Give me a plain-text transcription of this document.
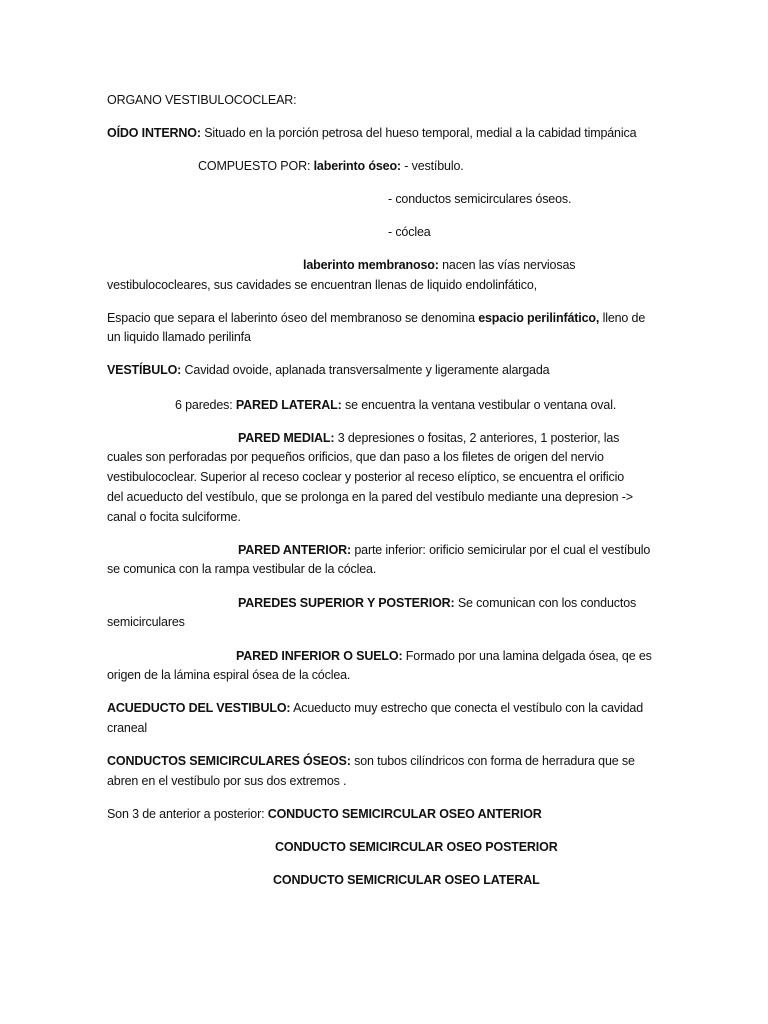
ORGANO VESTIBULOCOCLEAR:
OÍDO INTERNO: Situado en la porción petrosa del hueso temporal, medial a la cabidad timpánica
COMPUESTO POR: laberinto óseo: - vestíbulo.
- conductos semicirculares óseos.
- cóclea
laberinto membranoso: nacen las vías nerviosas
vestibulococleares, sus cavidades se encuentran llenas de liquido endolinfático,
Espacio que separa el laberinto óseo del membranoso se denomina espacio perilinfático, lleno de
un liquido llamado perilinfa
VESTÍBULO: Cavidad ovoide, aplanada transversalmente y ligeramente alargada
6 paredes: PARED LATERAL: se encuentra la ventana vestibular o ventana oval.
PARED MEDIAL: 3 depresiones o fositas, 2 anteriores, 1 posterior, las
cuales son perforadas por pequeños orificios, que dan paso a los filetes de origen del nervio
vestibulococlear. Superior al receso coclear y posterior al receso elíptico, se encuentra el orificio
del acueducto del vestíbulo, que se prolonga en la pared del vestíbulo mediante una depresion ->
canal o focita sulciforme.
PARED ANTERIOR: parte inferior: orificio semicirular por el cual el vestíbulo
se comunica con la rampa vestibular de la cóclea.
PAREDES SUPERIOR Y POSTERIOR: Se comunican con los conductos
semicirculares
PARED INFERIOR O SUELO: Formado por una lamina delgada ósea, qe es
origen de la lámina espiral ósea de la cóclea.
ACUEDUCTO DEL VESTIBULO: Acueducto muy estrecho que conecta el vestíbulo con la cavidad
craneal
CONDUCTOS SEMICIRCULARES ÓSEOS: son tubos cilíndricos con forma de herradura que se
abren en el vestíbulo por sus dos extremos .
Son 3 de anterior a posterior: CONDUCTO SEMICIRCULAR OSEO ANTERIOR
CONDUCTO SEMICIRCULAR OSEO POSTERIOR
CONDUCTO SEMICRICULAR OSEO LATERAL
